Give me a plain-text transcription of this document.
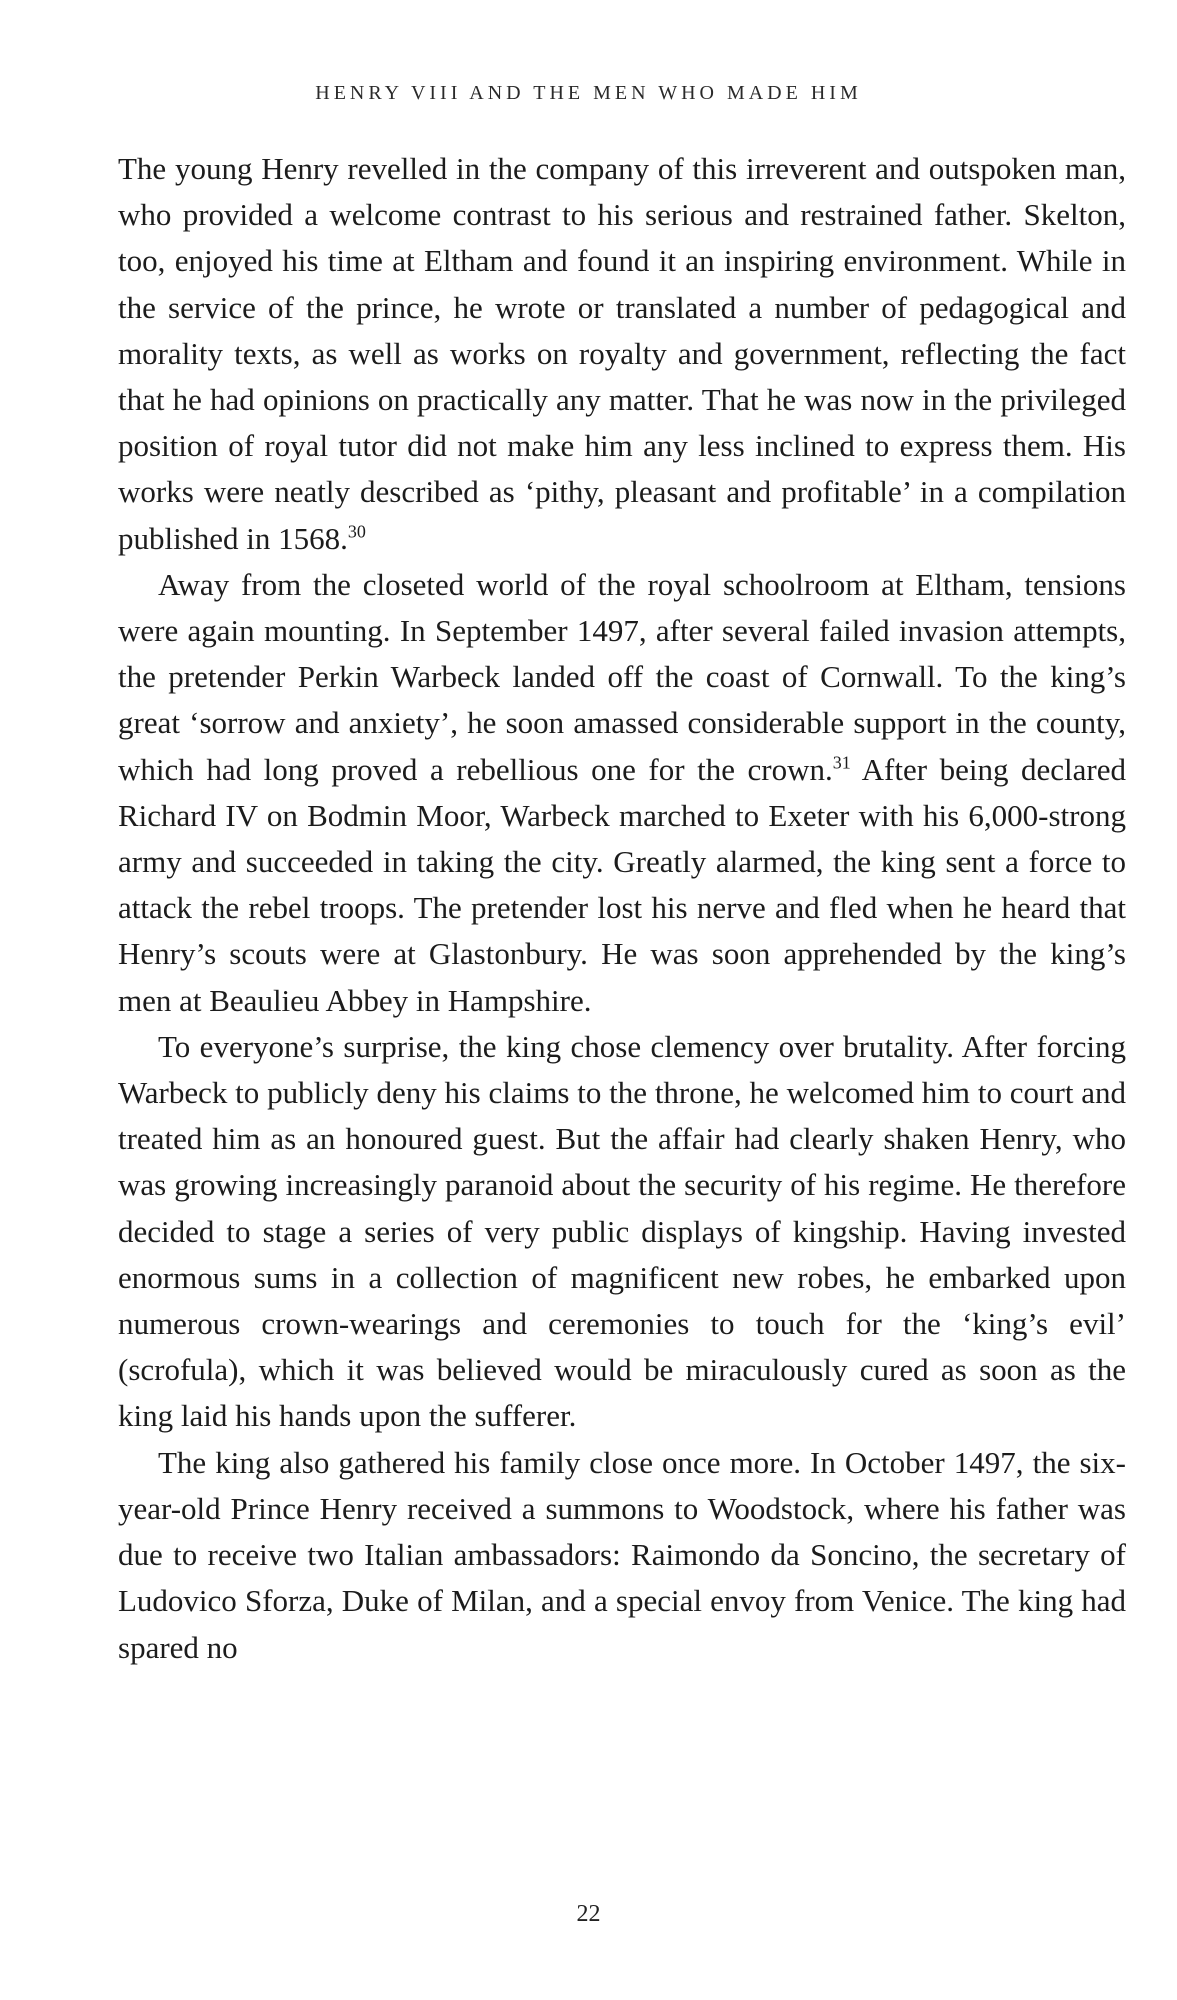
HENRY VIII AND THE MEN WHO MADE HIM

The young Henry revelled in the company of this irreverent and outspoken man, who provided a welcome contrast to his serious and restrained father. Skelton, too, enjoyed his time at Eltham and found it an inspiring environment. While in the service of the prince, he wrote or translated a number of pedagogical and morality texts, as well as works on royalty and government, reflecting the fact that he had opinions on practically any matter. That he was now in the privileged position of royal tutor did not make him any less inclined to express them. His works were neatly described as ‘pithy, pleasant and profitable’ in a compilation published in 1568.30

Away from the closeted world of the royal schoolroom at Eltham, tensions were again mounting. In September 1497, after several failed invasion attempts, the pretender Perkin Warbeck landed off the coast of Cornwall. To the king’s great ‘sorrow and anxiety’, he soon amassed considerable support in the county, which had long proved a rebellious one for the crown.$^{31}$ After being declared Richard IV on Bodmin Moor, Warbeck marched to Exeter with his 6,000-strong army and succeeded in taking the city. Greatly alarmed, the king sent a force to attack the rebel troops. The pretender lost his nerve and fled when he heard that Henry’s scouts were at Glastonbury. He was soon apprehended by the king’s men at Beaulieu Abbey in Hampshire.

To everyone’s surprise, the king chose clemency over brutality. After forcing Warbeck to publicly deny his claims to the throne, he welcomed him to court and treated him as an honoured guest. But the affair had clearly shaken Henry, who was growing increasingly paranoid about the security of his regime. He therefore decided to stage a series of very public displays of kingship. Having invested enormous sums in a collection of magnificent new robes, he embarked upon numerous crown-wearings and ceremonies to touch for the ‘king’s evil’ (scrofula), which it was believed would be miraculously cured as soon as the king laid his hands upon the sufferer.

The king also gathered his family close once more. In October 1497, the six-year-old Prince Henry received a summons to Woodstock, where his father was due to receive two Italian ambassadors: Raimondo da Soncino, the secretary of Ludovico Sforza, Duke of Milan, and a special envoy from Venice. The king had spared no

22
